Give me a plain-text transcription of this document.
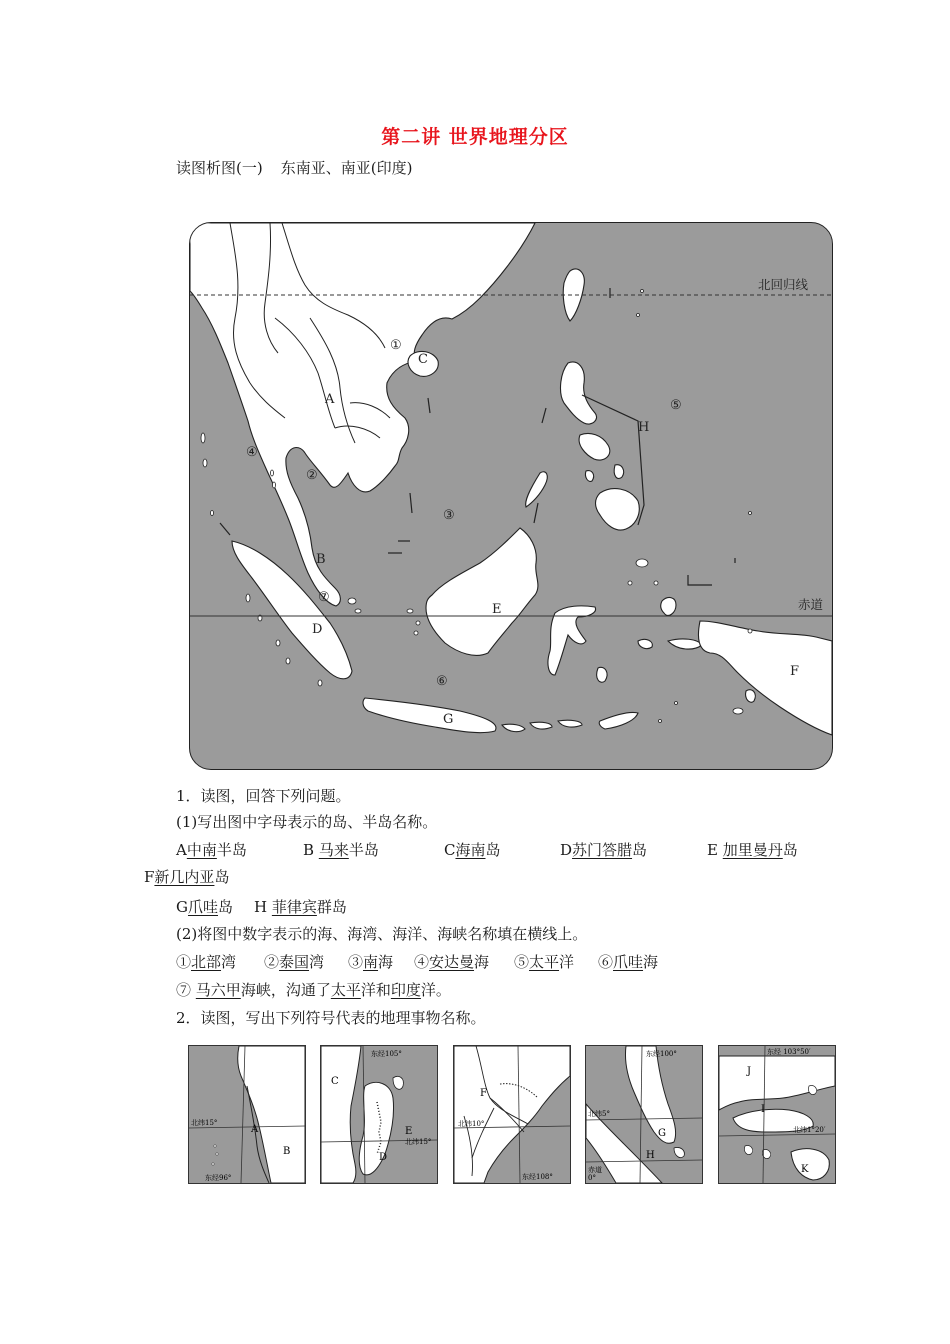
第二讲 世界地理分区
读图析图(一) 东南亚、南亚(印度)
北回归线
赤道
A
B
C
D
E
F
G
H
①
②
③
④
⑤
⑥
⑦
1．读图，回答下列问题。
(1)写出图中字母表示的岛、半岛名称。
A中南半岛	B 马来半岛	C海南岛	D苏门答腊岛	E 加里曼丹岛
F新几内亚岛
G爪哇岛 H 菲律宾群岛
(2)将图中数字表示的海、海湾、海洋、海峡名称填在横线上。
①北部湾 ②泰国湾 ③南海 ④安达曼海 ⑤太平洋 ⑥爪哇海
⑦ 马六甲海峡，沟通了太平洋和印度洋。
2．读图，写出下列符号代表的地理事物名称。
A
B
北纬15°
东经96°
C
D
E
北纬15°
东经105°
F
北纬10°
东经108°
G
H
北纬5°
赤道
0°
东经100°
J
I
K
北纬1°20′
东经 103°50′
